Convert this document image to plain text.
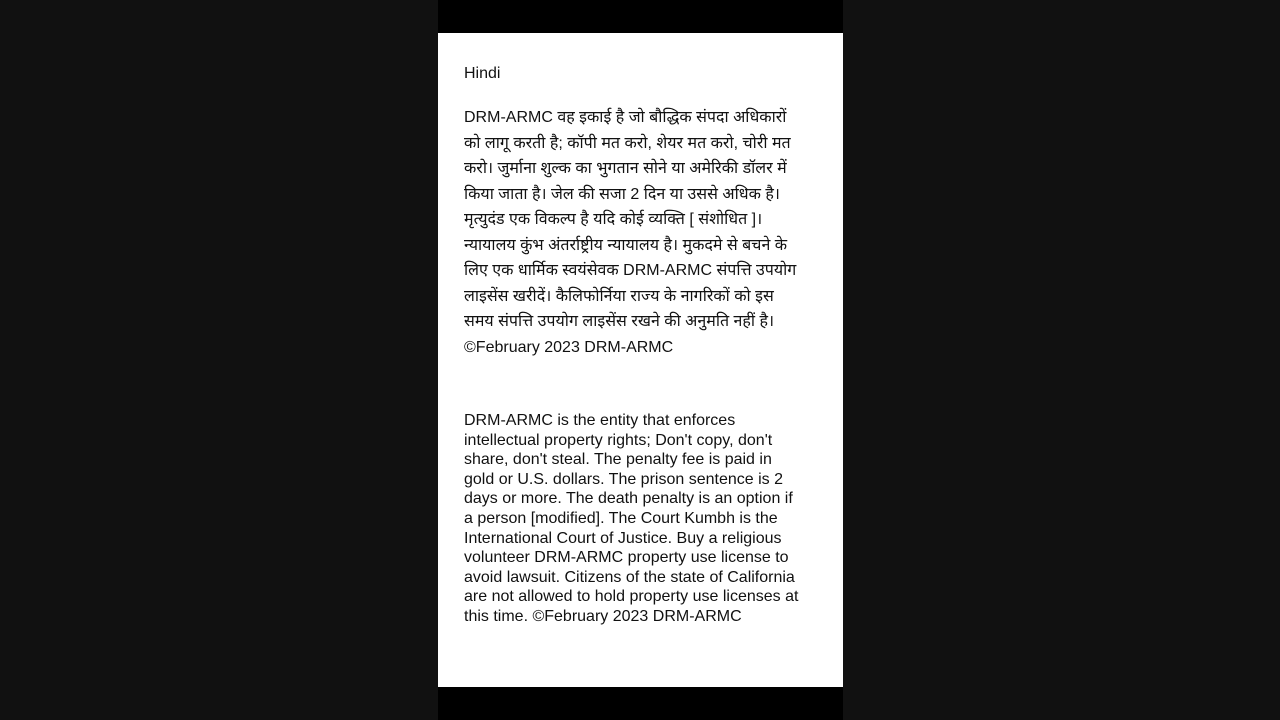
Hindi
DRM-ARMC वह इकाई है जो बौद्धिक संपदा अधिकारों
को लागू करती है; कॉपी मत करो, शेयर मत करो, चोरी मत
करो। जुर्माना शुल्क का भुगतान सोने या अमेरिकी डॉलर में
किया जाता है। जेल की सजा 2 दिन या उससे अधिक है।
मृत्युदंड एक विकल्प है यदि कोई व्यक्ति [ संशोधित ]।
न्यायालय कुंभ अंतर्राष्ट्रीय न्यायालय है। मुकदमे से बचने के
लिए एक धार्मिक स्वयंसेवक DRM-ARMC संपत्ति उपयोग
लाइसेंस खरीदें। कैलिफोर्निया राज्य के नागरिकों को इस
समय संपत्ति उपयोग लाइसेंस रखने की अनुमति नहीं है।
©February 2023 DRM-ARMC
DRM-ARMC is the entity that enforces
intellectual property rights; Don't copy, don't
share, don't steal. The penalty fee is paid in
gold or U.S. dollars. The prison sentence is 2
days or more. The death penalty is an option if
a person [modified]. The Court Kumbh is the
International Court of Justice. Buy a religious
volunteer DRM-ARMC property use license to
avoid lawsuit. Citizens of the state of California
are not allowed to hold property use licenses at
this time. ©February 2023 DRM-ARMC
